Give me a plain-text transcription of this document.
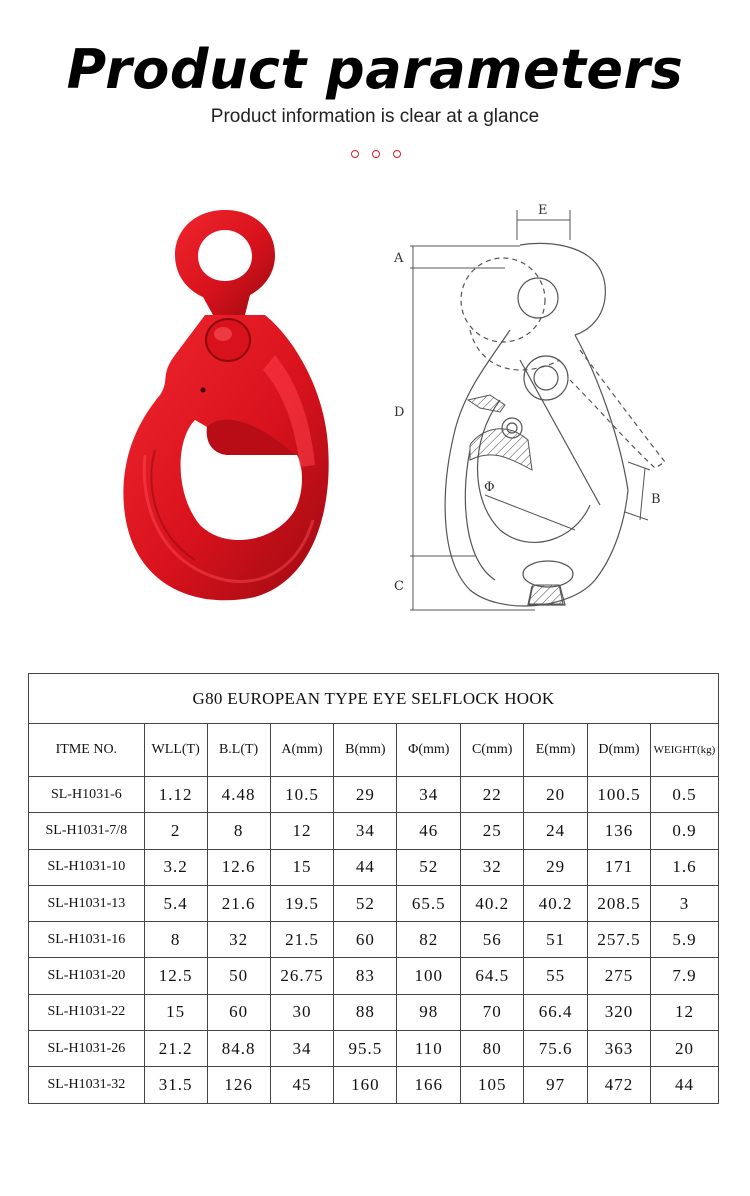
Product parameters
Product information is clear at a glance
A
D
C
E
B
Φ
G80 EUROPEAN TYPE EYE SELFLOCK HOOK									
ITME NO.	WLL(T)	B.L(T)	A(mm)	B(mm)	Φ(mm)	C(mm)	E(mm)	D(mm)	WEIGHT(kg)
SL-H1031-6	1.12	4.48	10.5	29	34	22	20	100.5	0.5
SL-H1031-7/8	2	8	12	34	46	25	24	136	0.9
SL-H1031-10	3.2	12.6	15	44	52	32	29	171	1.6
SL-H1031-13	5.4	21.6	19.5	52	65.5	40.2	40.2	208.5	3
SL-H1031-16	8	32	21.5	60	82	56	51	257.5	5.9
SL-H1031-20	12.5	50	26.75	83	100	64.5	55	275	7.9
SL-H1031-22	15	60	30	88	98	70	66.4	320	12
SL-H1031-26	21.2	84.8	34	95.5	110	80	75.6	363	20
SL-H1031-32	31.5	126	45	160	166	105	97	472	44
